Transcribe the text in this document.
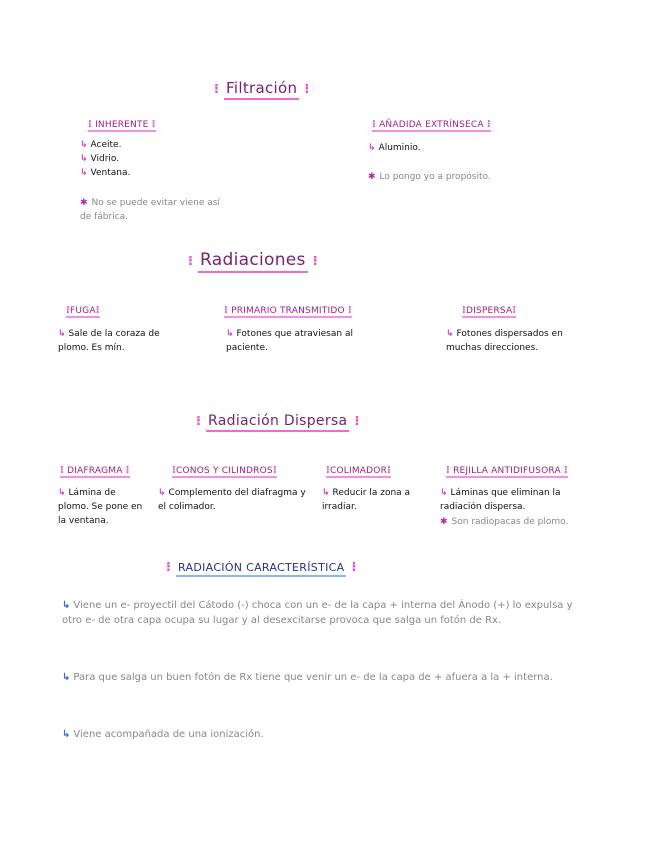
⁝ Filtración ⁝
⁝ INHERENTE ⁝
↳ Aceite.
↳ Vidrio.
↳ Ventana.
✱ No se puede evitar viene así de fábrica.
⁝ AÑADIDA EXTRÍNSECA ⁝
↳ Aluminio.
✱ Lo pongo yo a propósito.
⁝ Radiaciones ⁝
⁝FUGA⁝
↳ Sale de la coraza de plomo. Es mín.
⁝ PRIMARIO TRANSMITIDO ⁝
↳ Fotones que atraviesan al paciente.
⁝DISPERSA⁝
↳ Fotones dispersados en muchas direcciones.
⁝ Radiación Dispersa ⁝
⁝ DIAFRAGMA ⁝
↳ Lámina de plomo. Se pone en la ventana.
⁝CONOS Y CILINDROS⁝
↳ Complemento del diafragma y el colimador.
⁝COLIMADOR⁝
↳ Reducir la zona a irradiar.
⁝ REJILLA ANTIDIFUSORA ⁝
↳ Láminas que eliminan la radiación dispersa.
✱ Son radiopacas de plomo.
⁝ RADIACIÓN CARACTERÍSTICA ⁝
↳ Viene un e- proyectil del Cátodo (-) choca con un e- de la capa + interna del Ánodo (+) lo expulsa y otro e- de otra capa ocupa su lugar y al desexcitarse provoca que salga un fotón de Rx.
↳ Para que salga un buen fotón de Rx tiene que venir un e- de la capa de + afuera a la + interna.
↳ Viene acompañada de una ionización.
